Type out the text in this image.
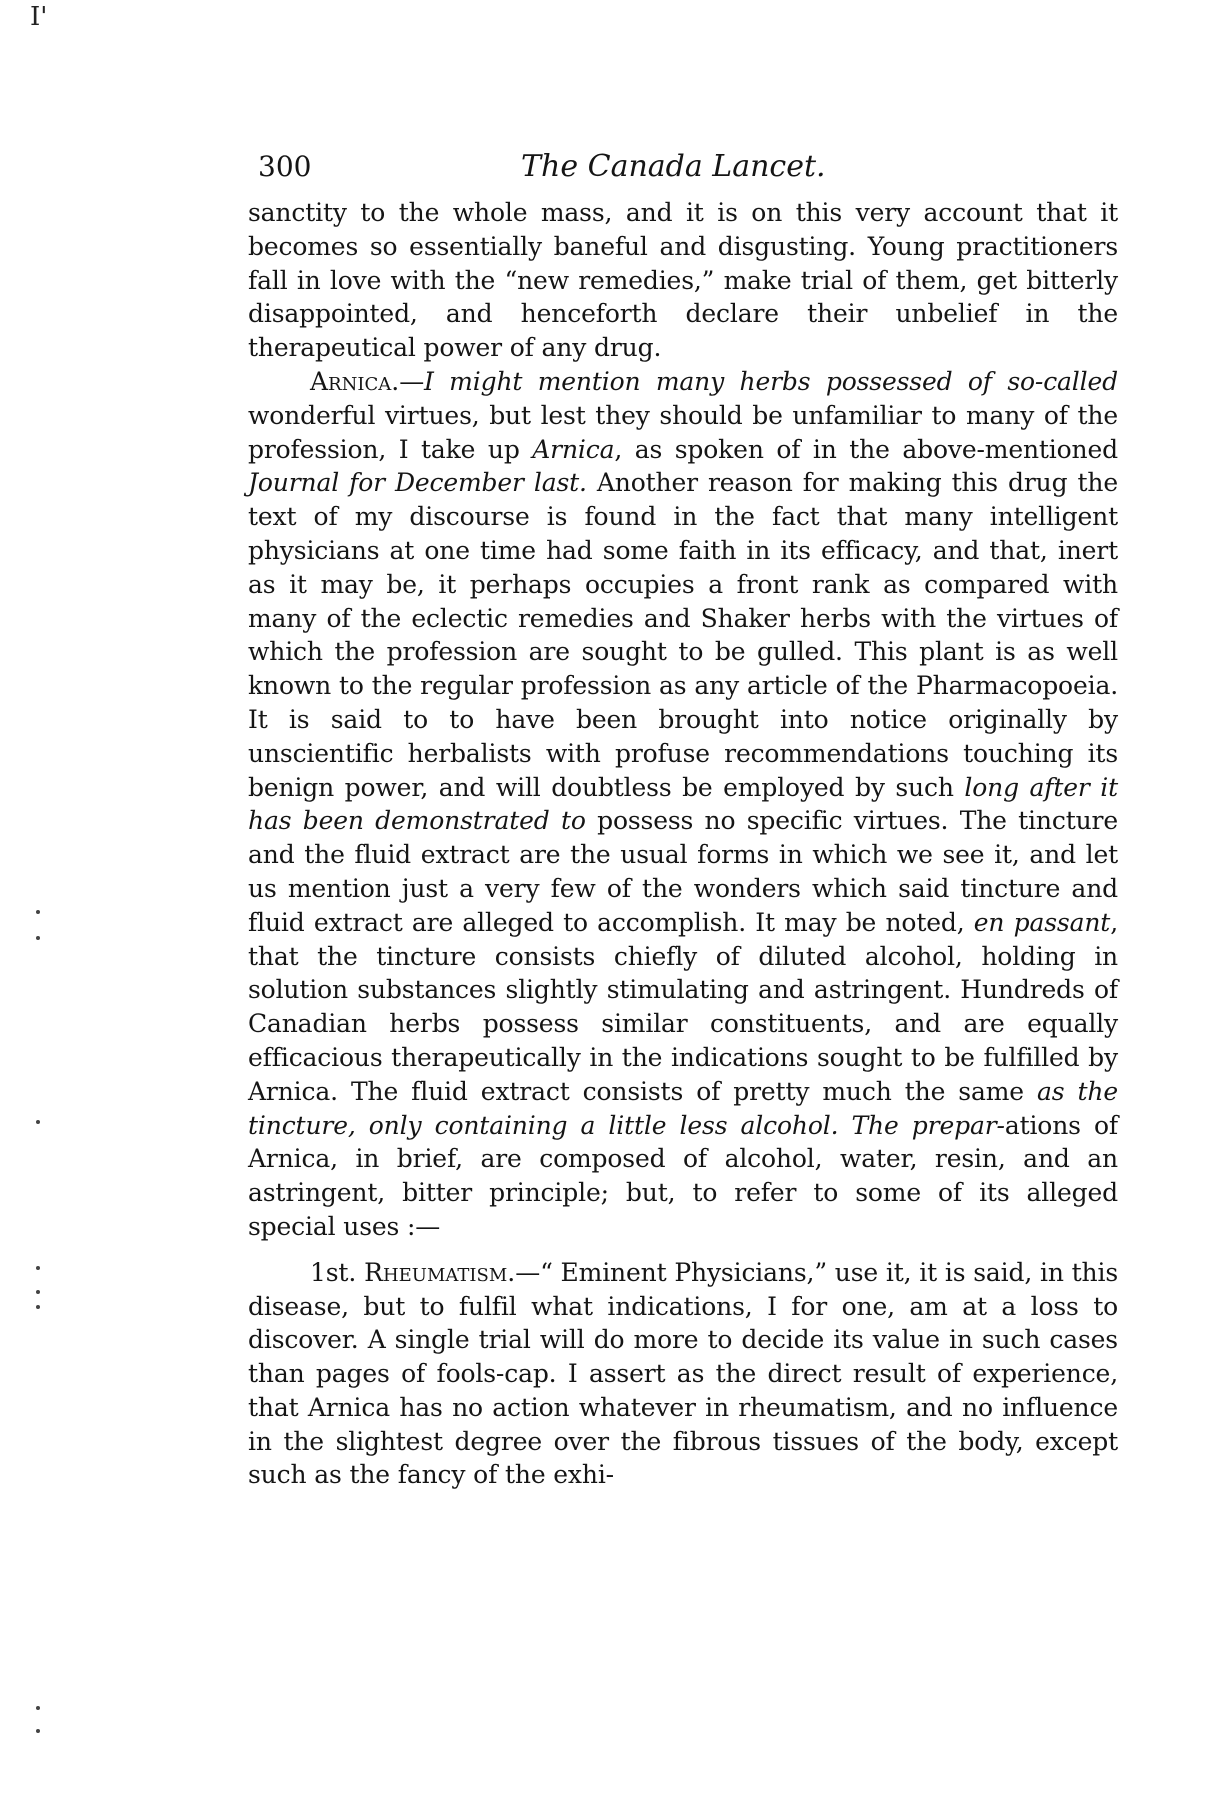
I'
300	The Canada Lancet.

sanctity to the whole mass, and it is on this very account that it becomes so essentially baneful and disgusting. Young practitioners fall in love with the “new remedies,” make trial of them, get bitterly disappointed, and henceforth declare their unbelief in the therapeutical power of any drug.

Arnica.—I might mention many herbs possessed of so-called wonderful virtues, but lest they should be unfamiliar to many of the profession, I take up Arnica, as spoken of in the above-mentioned Journal for December last. Another reason for making this drug the text of my discourse is found in the fact that many intelligent physicians at one time had some faith in its efficacy, and that, inert as it may be, it perhaps occupies a front rank as compared with many of the eclectic remedies and Shaker herbs with the virtues of which the profession are sought to be gulled. This plant is as well known to the regular profession as any article of the Pharmacopoeia. It is said to to have been brought into notice originally by unscientific herbalists with profuse recommendations touching its benign power, and will doubtless be employed by such long after it has been demonstrated to possess no specific virtues. The tincture and the fluid extract are the usual forms in which we see it, and let us mention just a very few of the wonders which said tincture and fluid extract are alleged to accomplish. It may be noted, en passant, that the tincture consists chiefly of diluted alcohol, holding in solution substances slightly stimulating and astringent. Hundreds of Canadian herbs possess similar constituents, and are equally efficacious therapeutically in the indications sought to be fulfilled by Arnica. The fluid extract consists of pretty much the same as the tincture, only containing a little less alcohol. The prepar-ations of Arnica, in brief, are composed of alcohol, water, resin, and an astringent, bitter principle; but, to refer to some of its alleged special uses :—

1st. Rheumatism.—“ Eminent Physicians,” use it, it is said, in this disease, but to fulfil what indications, I for one, am at a loss to discover. A single trial will do more to decide its value in such cases than pages of fools-cap. I assert as the direct result of experience, that Arnica has no action whatever in rheumatism, and no influence in the slightest degree over the fibrous tissues of the body, except such as the fancy of the exhi-
